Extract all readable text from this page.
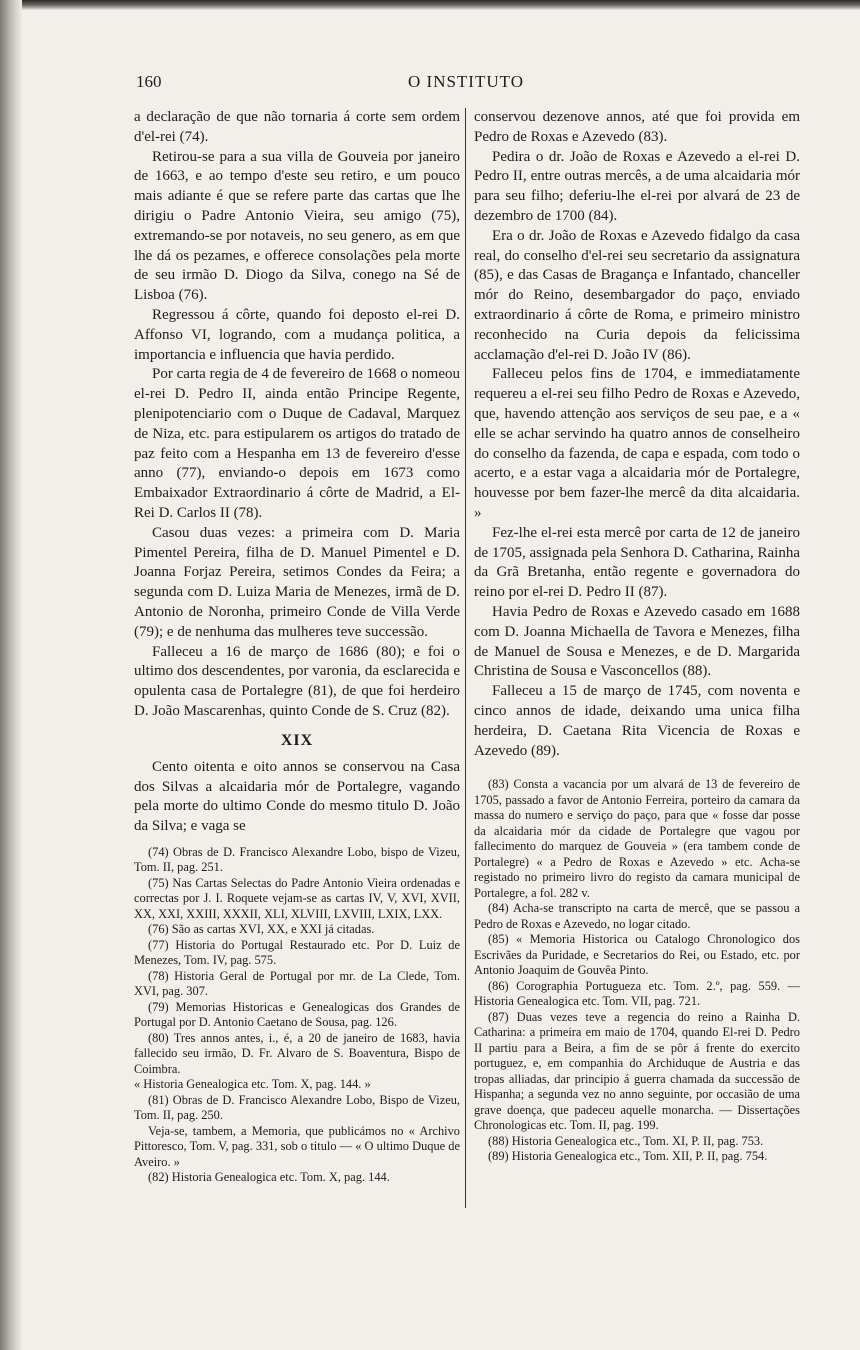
160	O INSTITUTO

a declaração de que não tornaria á corte sem ordem d'el-rei (74).

Retirou-se para a sua villa de Gouveia por janeiro de 1663, e ao tempo d'este seu retiro, e um pouco mais adiante é que se refere parte das cartas que lhe dirigiu o Padre Antonio Vieira, seu amigo (75), extremando-se por notaveis, no seu genero, as em que lhe dá os pezames, e offerece consolações pela morte de seu irmão D. Diogo da Silva, conego na Sé de Lisboa (76).

Regressou á côrte, quando foi deposto el-rei D. Affonso VI, logrando, com a mudança politica, a importancia e influencia que havia perdido.

Por carta regia de 4 de fevereiro de 1668 o nomeou el-rei D. Pedro II, ainda então Principe Regente, plenipotenciario com o Duque de Cadaval, Marquez de Niza, etc. para estipularem os artigos do tratado de paz feito com a Hespanha em 13 de fevereiro d'esse anno (77), enviando-o depois em 1673 como Embaixador Extraordinario á côrte de Madrid, a El-Rei D. Carlos II (78).

Casou duas vezes: a primeira com D. Maria Pimentel Pereira, filha de D. Manuel Pimentel e D. Joanna Forjaz Pereira, setimos Condes da Feira; a segunda com D. Luiza Maria de Menezes, irmã de D. Antonio de Noronha, primeiro Conde de Villa Verde (79); e de nenhuma das mulheres teve successão.

Falleceu a 16 de março de 1686 (80); e foi o ultimo dos descendentes, por varonia, da esclarecida e opulenta casa de Portalegre (81), de que foi herdeiro D. João Mascarenhas, quinto Conde de S. Cruz (82).

XIX

Cento oitenta e oito annos se conservou na Casa dos Silvas a alcaidaria mór de Portalegre, vagando pela morte do ultimo Conde do mesmo titulo D. João da Silva; e vaga se

(74) Obras de D. Francisco Alexandre Lobo, bispo de Vizeu, Tom. II, pag. 251.

(75) Nas Cartas Selectas do Padre Antonio Vieira ordenadas e correctas por J. I. Roquete vejam-se as cartas IV, V, XVI, XVII, XX, XXI, XXIII, XXXII, XLI, XLVIII, LXVIII, LXIX, LXX.

(76) São as cartas XVI, XX, e XXI já citadas.

(77) Historia do Portugal Restaurado etc. Por D. Luiz de Menezes, Tom. IV, pag. 575.

(78) Historia Geral de Portugal por mr. de La Clede, Tom. XVI, pag. 307.

(79) Memorias Historicas e Genealogicas dos Grandes de Portugal por D. Antonio Caetano de Sousa, pag. 126.

(80) Tres annos antes, i., é, a 20 de janeiro de 1683, havia fallecido seu irmão, D. Fr. Alvaro de S. Boaventura, Bispo de Coimbra.

« Historia Genealogica etc. Tom. X, pag. 144. »

(81) Obras de D. Francisco Alexandre Lobo, Bispo de Vizeu, Tom. II, pag. 250.

Veja-se, tambem, a Memoria, que publicámos no « Archivo Pittoresco, Tom. V, pag. 331, sob o titulo — « O ultimo Duque de Aveiro. »

(82) Historia Genealogica etc. Tom. X, pag. 144.

conservou dezenove annos, até que foi provida em Pedro de Roxas e Azevedo (83).

Pedira o dr. João de Roxas e Azevedo a el-rei D. Pedro II, entre outras mercês, a de uma alcaidaria mór para seu filho; deferiu-lhe el-rei por alvará de 23 de dezembro de 1700 (84).

Era o dr. João de Roxas e Azevedo fidalgo da casa real, do conselho d'el-rei seu secretario da assignatura (85), e das Casas de Bragança e Infantado, chanceller mór do Reino, desembargador do paço, enviado extraordinario á côrte de Roma, e primeiro ministro reconhecido na Curia depois da felicissima acclamação d'el-rei D. João IV (86).

Falleceu pelos fins de 1704, e immediatamente requereu a el-rei seu filho Pedro de Roxas e Azevedo, que, havendo attenção aos serviços de seu pae, e a « elle se achar servindo ha quatro annos de conselheiro do conselho da fazenda, de capa e espada, com todo o acerto, e a estar vaga a alcaidaria mór de Portalegre, houvesse por bem fazer-lhe mercê da dita alcaidaria. »

Fez-lhe el-rei esta mercê por carta de 12 de janeiro de 1705, assignada pela Senhora D. Catharina, Rainha da Grã Bretanha, então regente e governadora do reino por el-rei D. Pedro II (87).

Havia Pedro de Roxas e Azevedo casado em 1688 com D. Joanna Michaella de Tavora e Menezes, filha de Manuel de Sousa e Menezes, e de D. Margarida Christina de Sousa e Vasconcellos (88).

Falleceu a 15 de março de 1745, com noventa e cinco annos de idade, deixando uma unica filha herdeira, D. Caetana Rita Vicencia de Roxas e Azevedo (89).

(83) Consta a vacancia por um alvará de 13 de fevereiro de 1705, passado a favor de Antonio Ferreira, porteiro da camara da massa do numero e serviço do paço, para que « fosse dar posse da alcaidaria mór da cidade de Portalegre que vagou por fallecimento do marquez de Gouveia » (era tambem conde de Portalegre) « a Pedro de Roxas e Azevedo » etc. Acha-se registado no primeiro livro do registo da camara municipal de Portalegre, a fol. 282 v.

(84) Acha-se transcripto na carta de mercê, que se passou a Pedro de Roxas e Azevedo, no logar citado.

(85) « Memoria Historica ou Catalogo Chronologico dos Escrivães da Puridade, e Secretarios do Rei, ou Estado, etc. por Antonio Joaquim de Gouvêa Pinto.

(86) Corographia Portugueza etc. Tom. 2.º, pag. 559. — Historia Genealogica etc. Tom. VII, pag. 721.

(87) Duas vezes teve a regencia do reino a Rainha D. Catharina: a primeira em maio de 1704, quando El-rei D. Pedro II partiu para a Beira, a fim de se pôr á frente do exercito portuguez, e, em companhia do Archiduque de Austria e das tropas alliadas, dar principio á guerra chamada da successão de Hispanha; a segunda vez no anno seguinte, por occasião de uma grave doença, que padeceu aquelle monarcha. — Dissertações Chronologicas etc. Tom. II, pag. 199.

(88) Historia Genealogica etc., Tom. XI, P. II, pag. 753.

(89) Historia Genealogica etc., Tom. XII, P. II, pag. 754.
